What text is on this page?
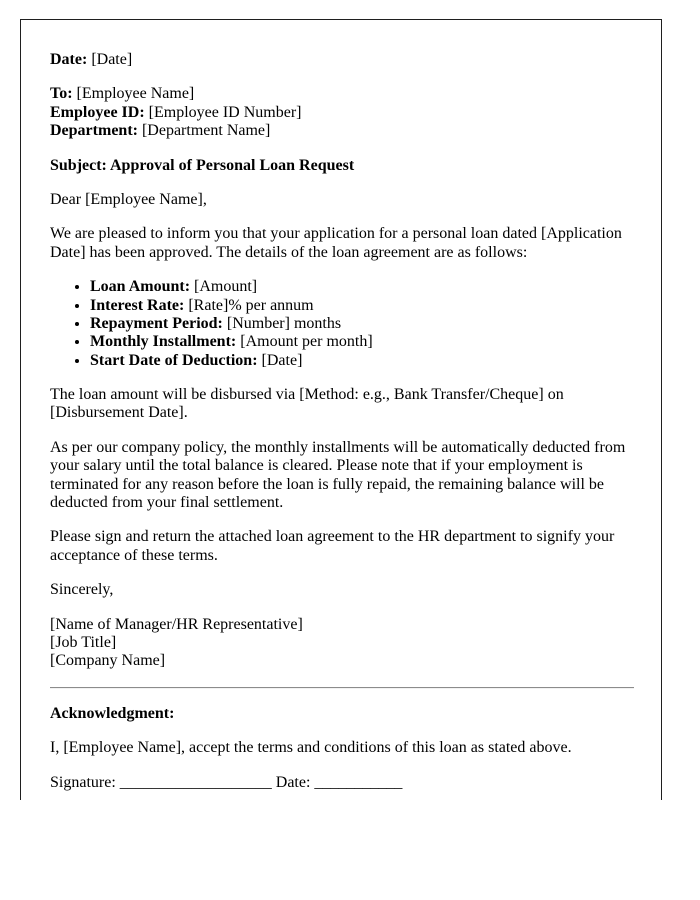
Date: [Date]

To: [Employee Name]
Employee ID: [Employee ID Number]
Department: [Department Name]

Subject: Approval of Personal Loan Request

Dear [Employee Name],

We are pleased to inform you that your application for a personal loan dated [Application Date] has been approved. The details of the loan agreement are as follows:

• Loan Amount: [Amount]
• Interest Rate: [Rate]% per annum
• Repayment Period: [Number] months
• Monthly Installment: [Amount per month]
• Start Date of Deduction: [Date]

The loan amount will be disbursed via [Method: e.g., Bank Transfer/Cheque] on [Disbursement Date].

As per our company policy, the monthly installments will be automatically deducted from your salary until the total balance is cleared. Please note that if your employment is terminated for any reason before the loan is fully repaid, the remaining balance will be deducted from your final settlement.

Please sign and return the attached loan agreement to the HR department to signify your acceptance of these terms.

Sincerely,

[Name of Manager/HR Representative]
[Job Title]
[Company Name]

Acknowledgment:

I, [Employee Name], accept the terms and conditions of this loan as stated above.

Signature: ___________________ Date: ___________
